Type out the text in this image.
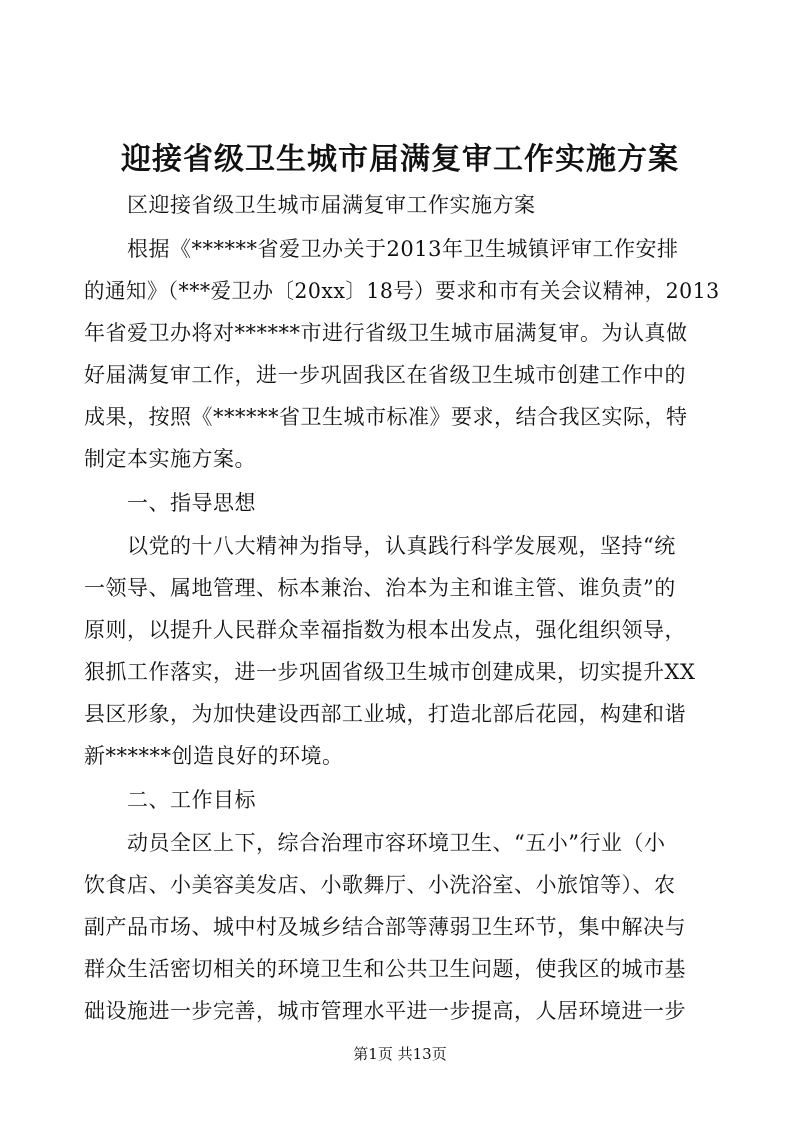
迎接省级卫生城市届满复审工作实施方案
　　区迎接省级卫生城市届满复审工作实施方案
　　根据《******省爱卫办关于2013年卫生城镇评审工作安排
的通知》（***爱卫办〔20xx〕18号）要求和市有关会议精神，2013
年省爱卫办将对******市进行省级卫生城市届满复审。为认真做
好届满复审工作，进一步巩固我区在省级卫生城市创建工作中的
成果，按照《******省卫生城市标准》要求，结合我区实际，特
制定本实施方案。
　　一、指导思想
　　以党的十八大精神为指导，认真践行科学发展观，坚持“统
一领导、属地管理、标本兼治、治本为主和谁主管、谁负责”的
原则，以提升人民群众幸福指数为根本出发点，强化组织领导，
狠抓工作落实，进一步巩固省级卫生城市创建成果，切实提升XX
县区形象，为加快建设西部工业城，打造北部后花园，构建和谐
新******创造良好的环境。
　　二、工作目标
　　动员全区上下，综合治理市容环境卫生、“五小”行业（小
饮食店、小美容美发店、小歌舞厅、小洗浴室、小旅馆等）、农
副产品市场、城中村及城乡结合部等薄弱卫生环节，集中解决与
群众生活密切相关的环境卫生和公共卫生问题，使我区的城市基
础设施进一步完善，城市管理水平进一步提高，人居环境进一步
第1页 共13页
